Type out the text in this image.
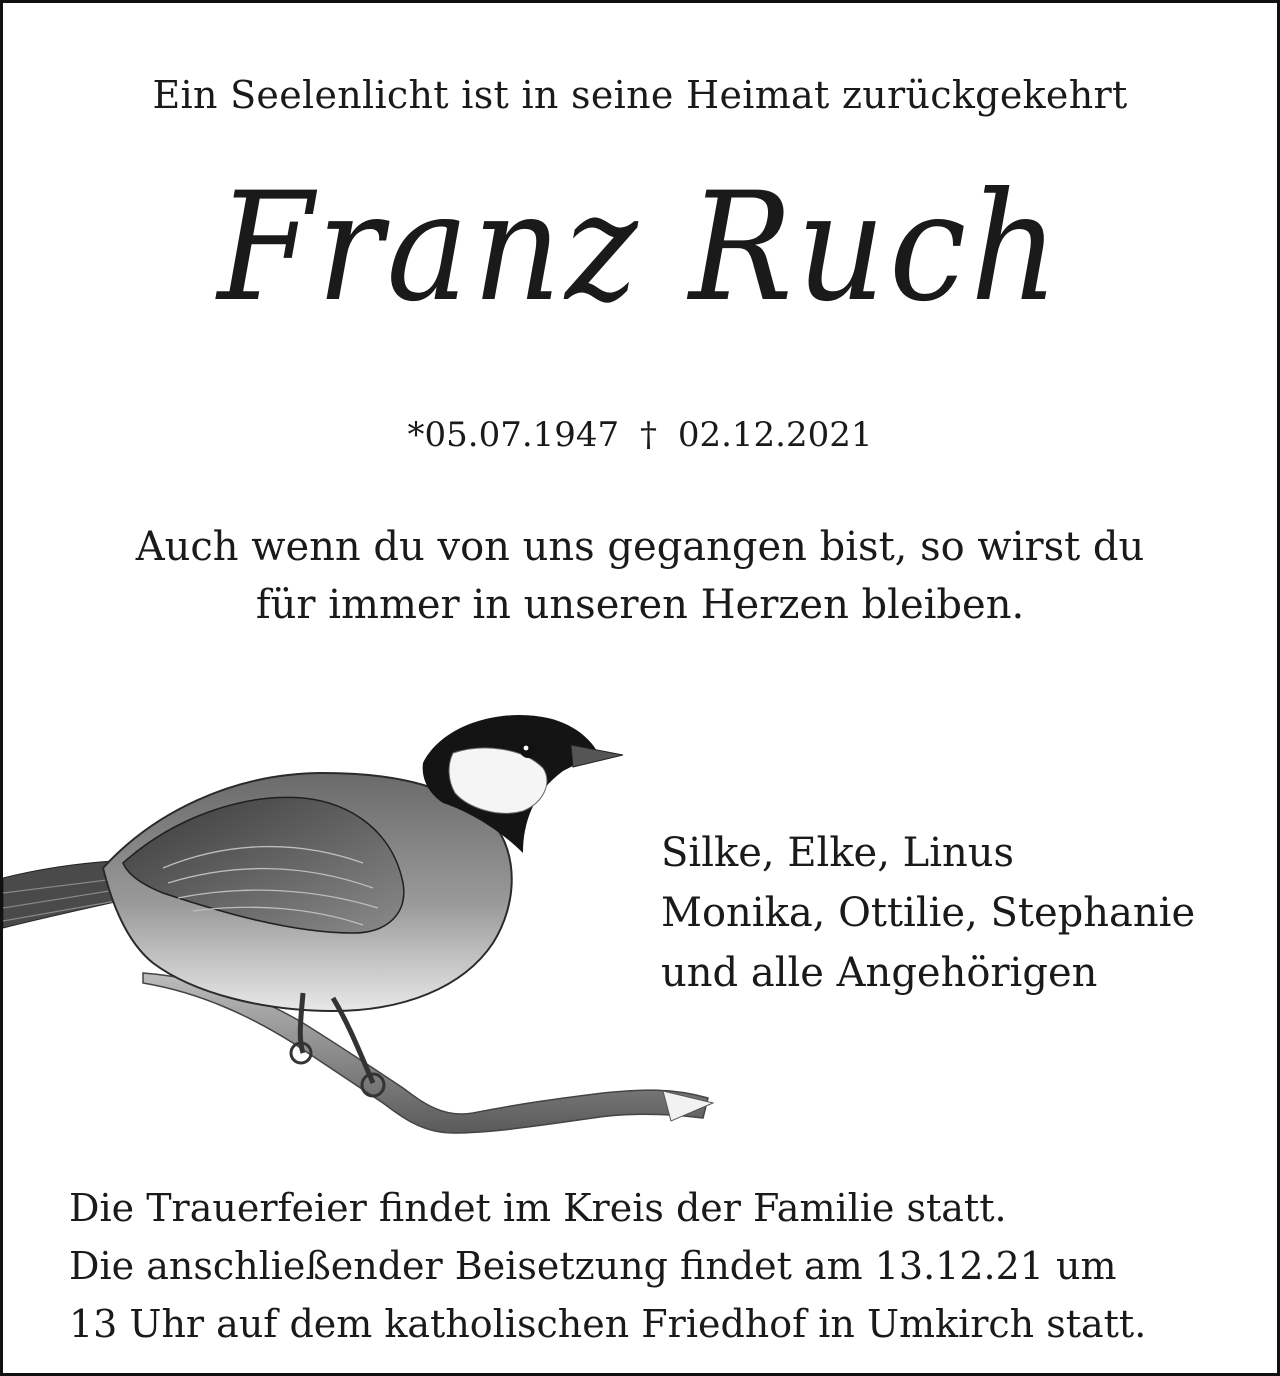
Ein Seelenlicht ist in seine Heimat zurückgekehrt
Franz Ruch
*05.07.1947 † 02.12.2021
Auch wenn du von uns gegangen bist, so wirst du
für immer in unseren Herzen bleiben.
Silke, Elke, Linus
Monika, Ottilie, Stephanie
und alle Angehörigen
Die Trauerfeier findet im Kreis der Familie statt.
Die anschließender Beisetzung findet am 13.12.21 um
13 Uhr auf dem katholischen Friedhof in Umkirch statt.
